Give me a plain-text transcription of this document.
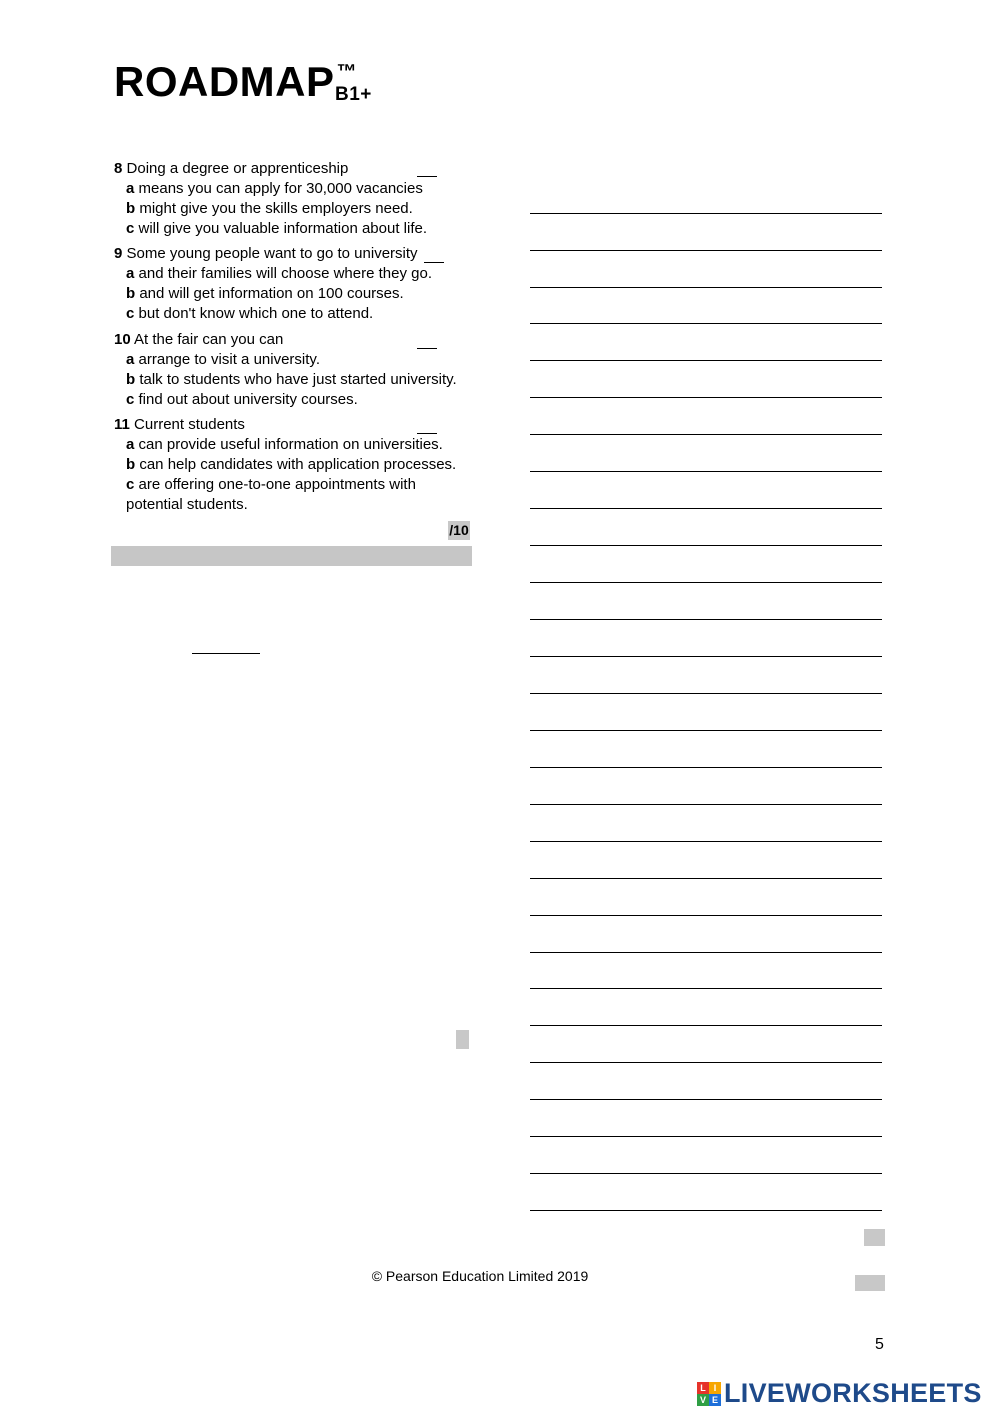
ROADMAP ™B1+
8 Doing a degree or apprenticeship
a means you can apply for 30,000 vacancies
b might give you the skills employers need.
c will give you valuable information about life.
9 Some young people want to go to university
a and their families will choose where they go.
b and will get information on 100 courses.
c but don't know which one to attend.
10 At the fair can you can
a arrange to visit a university.
b talk to students who have just started university.
c find out about university courses.
11 Current students
a can provide useful information on universities.
b can help candidates with application processes.
c are offering one-to-one appointments with
potential students.
/10
© Pearson Education Limited 2019
5
L I
V E LIVEWORKSHEETS
